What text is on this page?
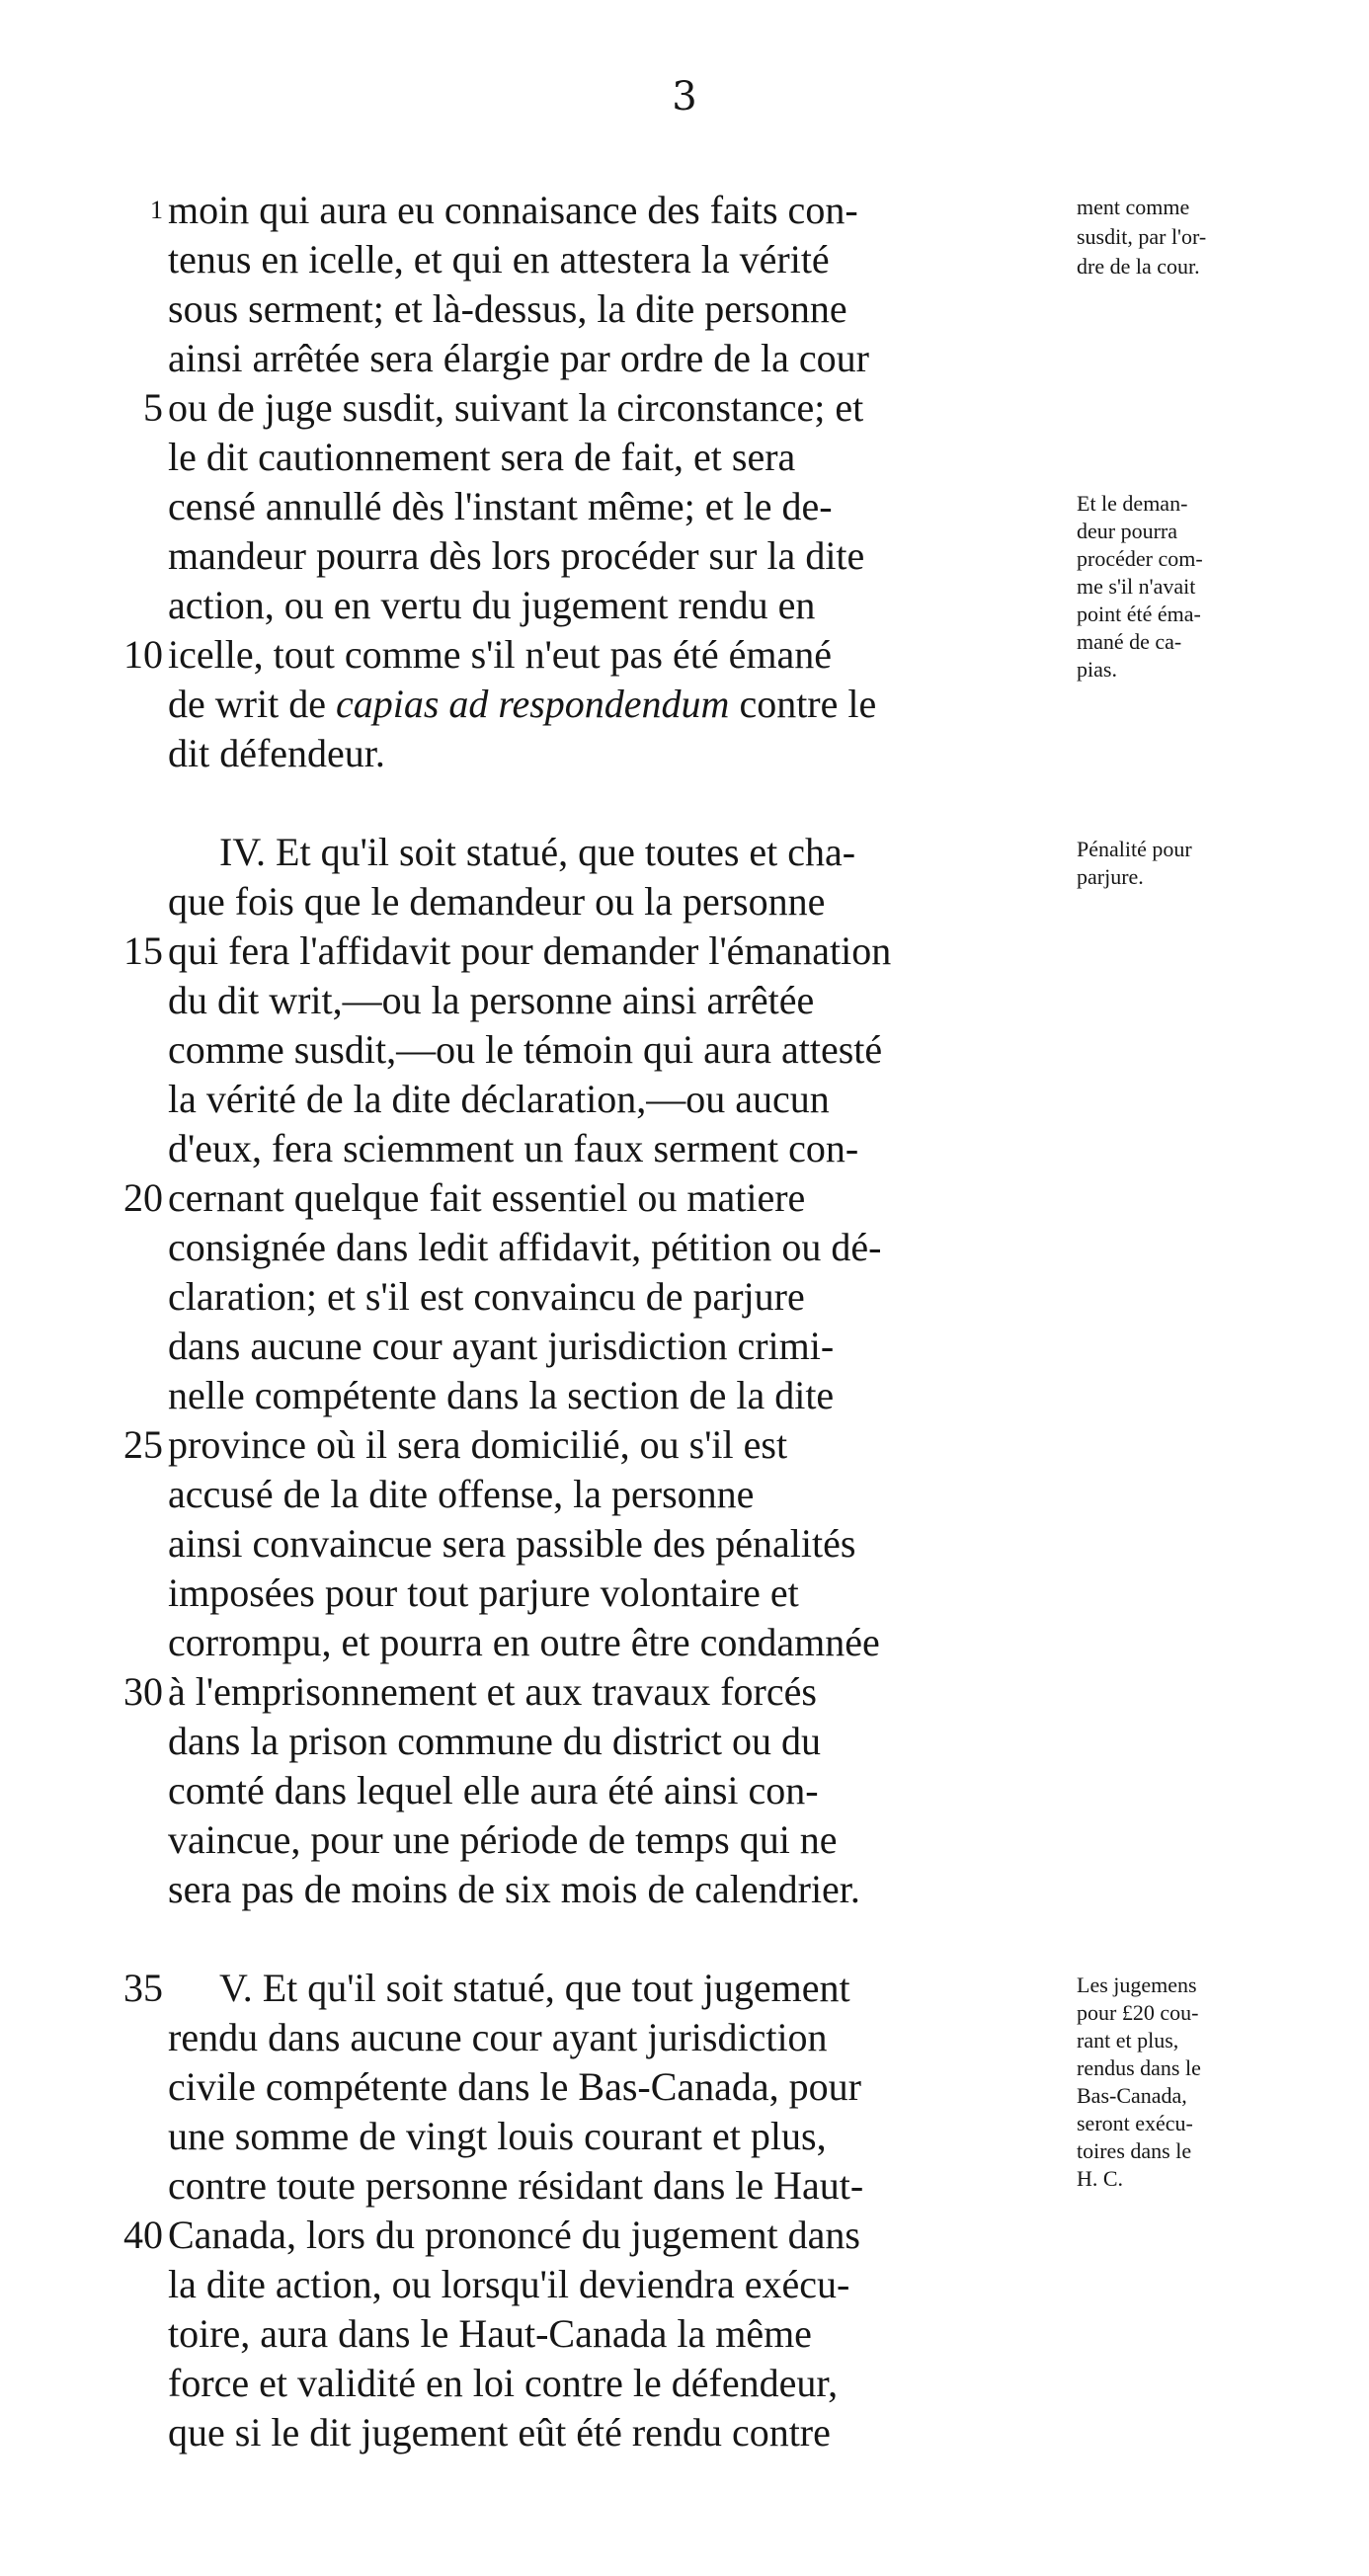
3
moin qui aura eu connaisance des faits con-
tenus en icelle, et qui en attestera la vérité
sous serment; et là-dessus, la dite personne
ainsi arrêtée sera élargie par ordre de la cour
ou de juge susdit, suivant la circonstance; et
le dit cautionnement sera de fait, et sera
censé annullé dès l'instant même; et le de-
mandeur pourra dès lors procéder sur la dite
action, ou en vertu du jugement rendu en
icelle, tout comme s'il n'eut pas été émané
de writ de capias ad respondendum contre le
dit défendeur.
IV. Et qu'il soit statué, que toutes et cha-
que fois que le demandeur ou la personne
qui fera l'affidavit pour demander l'émanation
du dit writ,—ou la personne ainsi arrêtée
comme susdit,—ou le témoin qui aura attesté
la vérité de la dite déclaration,—ou aucun
d'eux, fera sciemment un faux serment con-
cernant quelque fait essentiel ou matiere
consignée dans ledit affidavit, pétition ou dé-
claration; et s'il est convaincu de parjure
dans aucune cour ayant jurisdiction crimi-
nelle compétente dans la section de la dite
province où il sera domicilié, ou s'il est
accusé de la dite offense, la personne
ainsi convaincue sera passible des pénalités
imposées pour tout parjure volontaire et
corrompu, et pourra en outre être condamnée
à l'emprisonnement et aux travaux forcés
dans la prison commune du district ou du
comté dans lequel elle aura été ainsi con-
vaincue, pour une période de temps qui ne
sera pas de moins de six mois de calendrier.
V. Et qu'il soit statué, que tout jugement
rendu dans aucune cour ayant jurisdiction
civile compétente dans le Bas-Canada, pour
une somme de vingt louis courant et plus,
contre toute personne résidant dans le Haut-
Canada, lors du prononcé du jugement dans
la dite action, ou lorsqu'il deviendra exécu-
toire, aura dans le Haut-Canada la même
force et validité en loi contre le défendeur,
que si le dit jugement eût été rendu contre
1
5
10
15
20
25
30
35
40
ment comme
susdit, par l'or-
dre de la cour.
Et le deman-
deur pourra
procéder com-
me s'il n'avait
point été éma-
mané de ca-
pias.
Pénalité pour
parjure.
Les jugemens
pour £20 cou-
rant et plus,
rendus dans le
Bas-Canada,
seront exécu-
toires dans le
H. C.
